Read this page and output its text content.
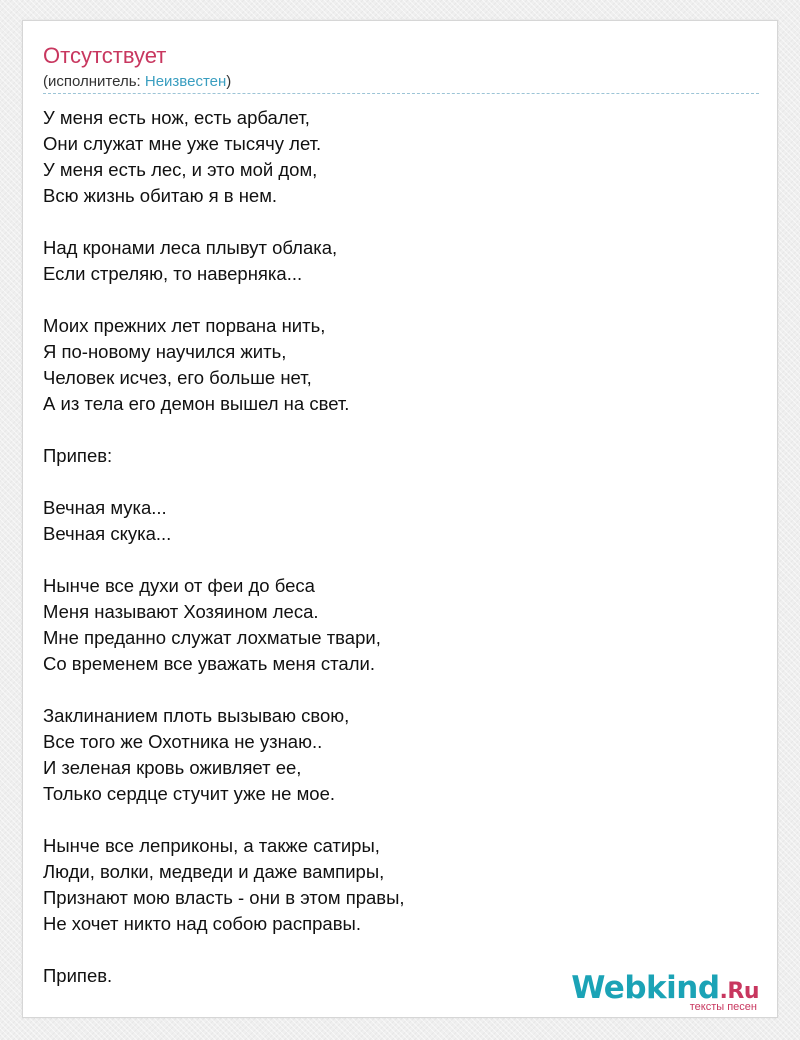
Отсутствует
(исполнитель: Неизвестен)
У меня есть нож, есть арбалет,
Они служат мне уже тысячу лет.
У меня есть лес, и это мой дом,
Всю жизнь обитаю я в нем.
Над кронами леса плывут облака,
Если стреляю, то наверняка...
Моих прежних лет порвана нить,
Я по-новому научился жить,
Человек исчез, его больше нет,
А из тела его демон вышел на свет.
Припев:
Вечная мука...
Вечная скука...
Нынче все духи от феи до беса
Меня называют Хозяином леса.
Мне преданно служат лохматые твари,
Со временем все уважать меня стали.
Заклинанием плоть вызываю свою,
Все того же Охотника не узнаю..
И зеленая кровь оживляет ее,
Только сердце стучит уже не мое.
Нынче все леприконы, а также сатиры,
Люди, волки, медведи и даже вампиры,
Признают мою власть - они в этом правы,
Не хочет никто над собою расправы.
Припев.	Webkind.Ru
тексты песен
